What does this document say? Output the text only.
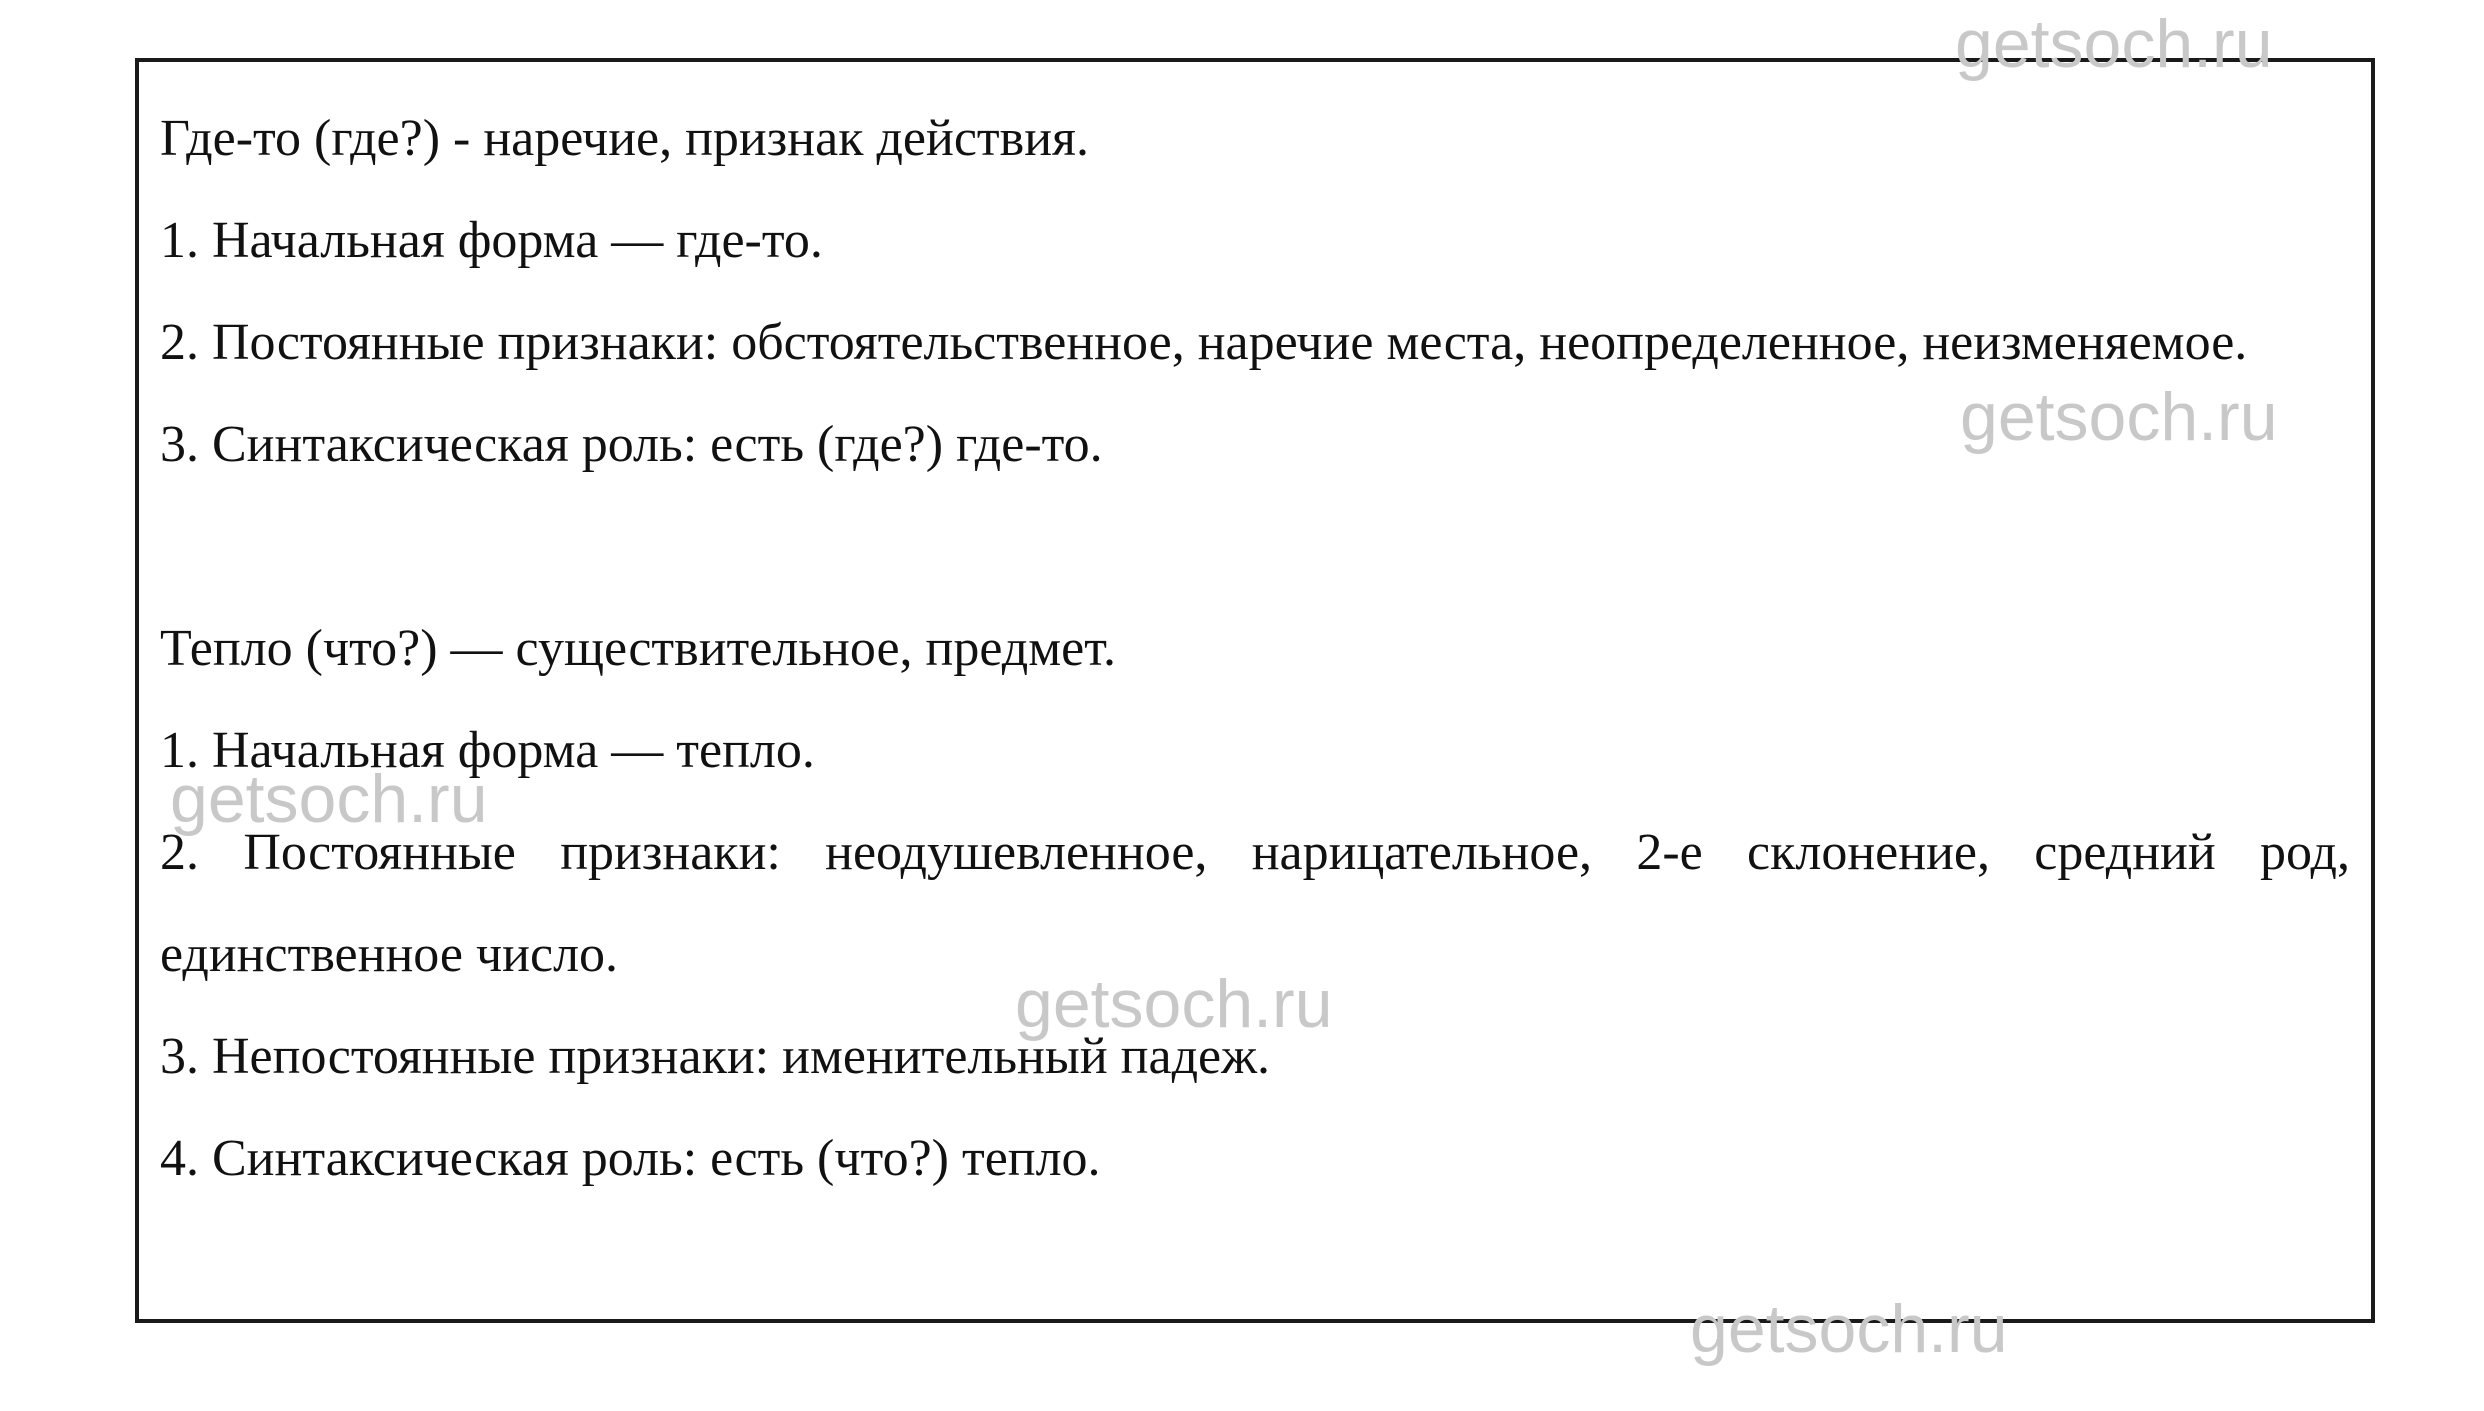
Где-то (где?) - наречие, признак действия.

1. Начальная форма — где-то.

2. Постоянные признаки: обстоятельственное, наречие места, неопределенное, неизменяемое.

3. Синтаксическая роль: есть (где?) где-то.

Тепло (что?) — существительное, предмет.

1. Начальная форма — тепло.

2. Постоянные признаки: неодушевленное, нарицательное, 2-е склонение, средний род, единственное число.

3. Непостоянные признаки: именительный падеж.

4. Синтаксическая роль: есть (что?) тепло.

getsoch.ru
getsoch.ru
getsoch.ru
getsoch.ru
getsoch.ru
